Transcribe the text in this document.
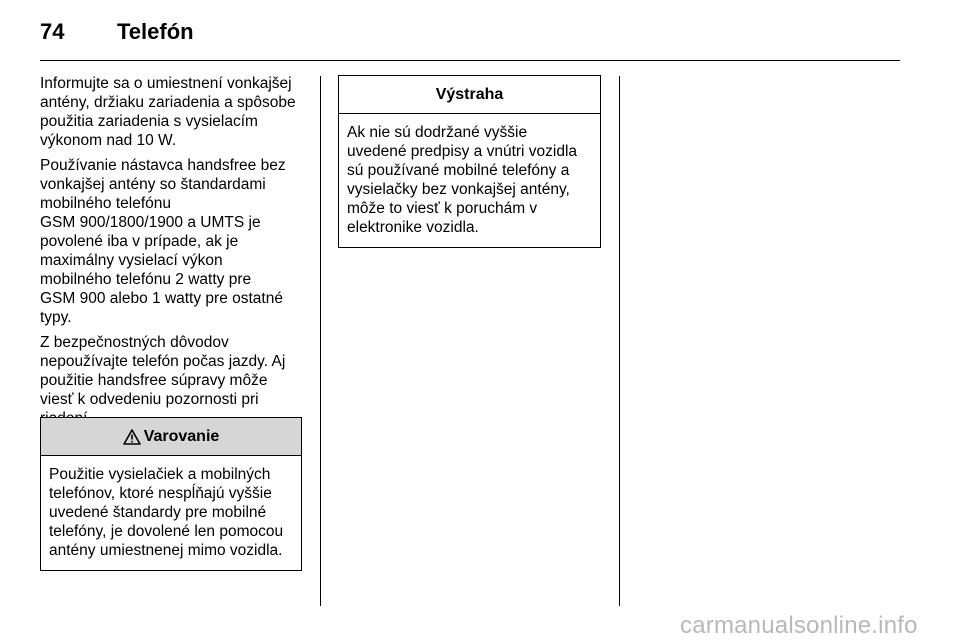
74 Telefón

Informujte sa o umiestnení vonkajšej
antény, držiaku zariadenia a spôsobe
použitia zariadenia s vysielacím
výkonom nad 10 W.

Používanie nástavca handsfree bez
vonkajšej antény so štandardami
mobilného telefónu
GSM 900/1800/1900 a UMTS je
povolené iba v prípade, ak je
maximálny vysielací výkon
mobilného telefónu 2 watty pre
GSM 900 alebo 1 watty pre ostatné
typy.

Z bezpečnostných dôvodov
nepoužívajte telefón počas jazdy. Aj
použitie handsfree súpravy môže
viesť k odvedeniu pozornosti pri

Varovanie
Použitie vysielačiek a mobilných
telefónov, ktoré nespĺňajú vyššie
uvedené štandardy pre mobilné
telefóny, je dovolené len pomocou
antény umiestnenej mimo vozidla.
Výstraha
Ak nie sú dodržané vyššie
uvedené predpisy a vnútri vozidla
sú používané mobilné telefóny a
vysielačky bez vonkajšej antény,
môže to viesť k poruchám v
elektronike vozidla.
carmanualsonline.info
